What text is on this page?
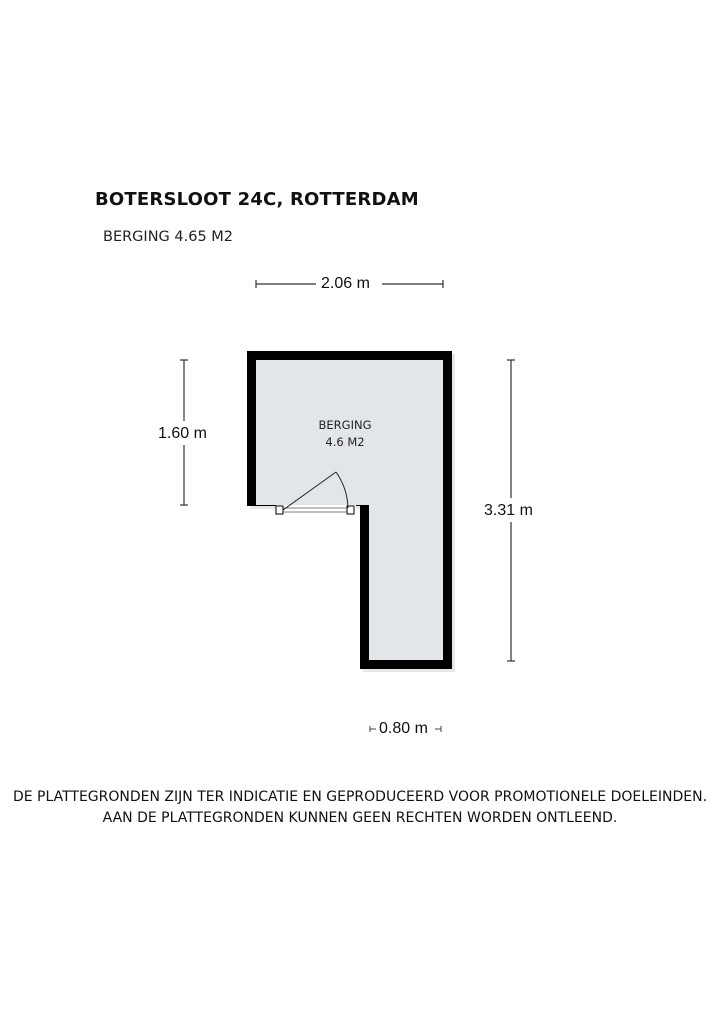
BOTERSLOOT 24C, ROTTERDAM
BERGING 4.65 M2
BERGING
4.6 M2
2.06 m
1.60 m
3.31 m
0.80 m
DE PLATTEGRONDEN ZIJN TER INDICATIE EN GEPRODUCEERD VOOR PROMOTIONELE DOELEINDEN.
AAN DE PLATTEGRONDEN KUNNEN GEEN RECHTEN WORDEN ONTLEEND.
